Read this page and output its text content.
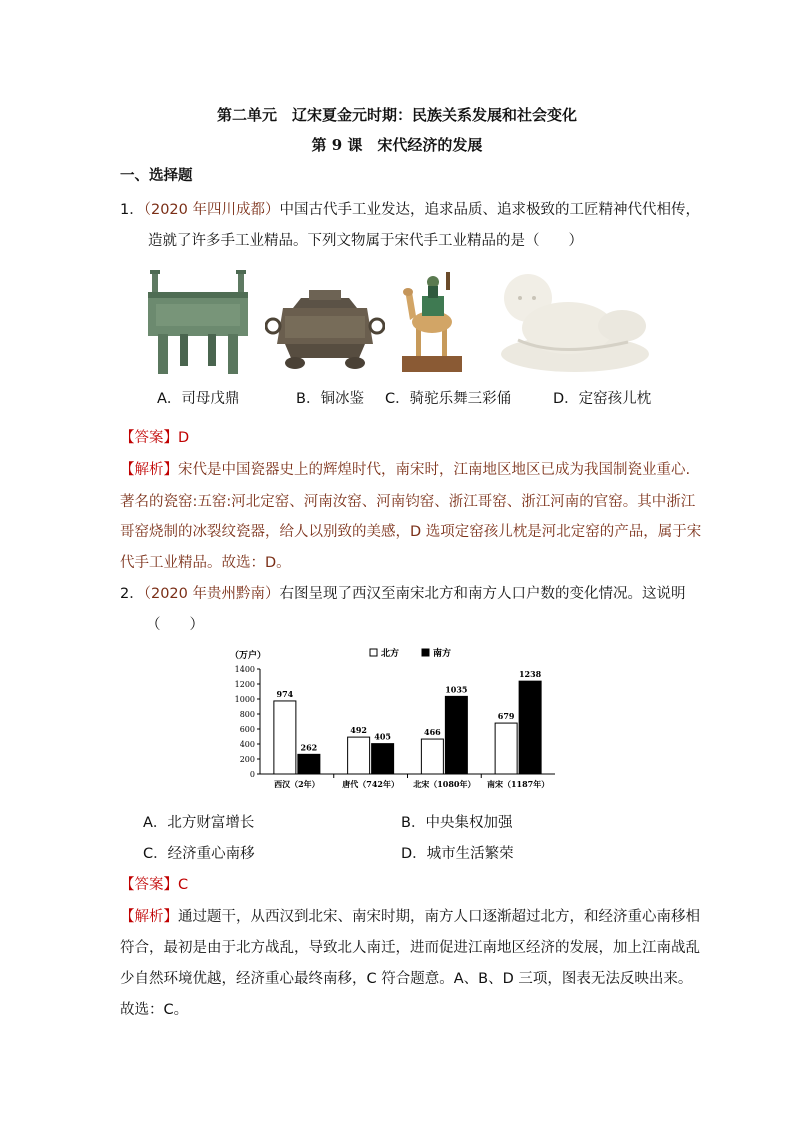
第二单元　辽宋夏金元时期：民族关系发展和社会变化
第 9 课　宋代经济的发展
一、选择题
1．（2020 年四川成都）中国古代手工业发达，追求品质、追求极致的工匠精神代代相传，
造就了许多手工业精品。下列文物属于宋代手工业精品的是（　　）
A．司母戊鼎	B．铜冰鉴 C．骑驼乐舞三彩俑	D．定窑孩儿枕
【答案】D
【解析】宋代是中国瓷器史上的辉煌时代，南宋时，江南地区地区已成为我国制瓷业重心.
著名的瓷窑:五窑:河北定窑、河南汝窑、河南钧窑、浙江哥窑、浙江河南的官窑。其中浙江
哥窑烧制的冰裂纹瓷器，给人以别致的美感，D 选项定窑孩儿枕是河北定窑的产品，属于宋
代手工业精品。故选：D。
2．（2020 年贵州黔南）右图呈现了西汉至南宋北方和南方人口户数的变化情况。这说明
（　　）
（万户）
0
200
400
600
800
1000
1200
1400
北方	南方
974
262
西汉（2年）
492
405
唐代（742年）
466
1035
北宋（1080年）
679
1238
南宋（1187年）
A．北方财富增长	B．中央集权加强
C．经济重心南移	D．城市生活繁荣
【答案】C
【解析】通过题干，从西汉到北宋、南宋时期，南方人口逐渐超过北方，和经济重心南移相
符合，最初是由于北方战乱，导致北人南迁，进而促进江南地区经济的发展，加上江南战乱
少自然环境优越，经济重心最终南移，C 符合题意。A、B、D 三项，图表无法反映出来。
故选：C。
